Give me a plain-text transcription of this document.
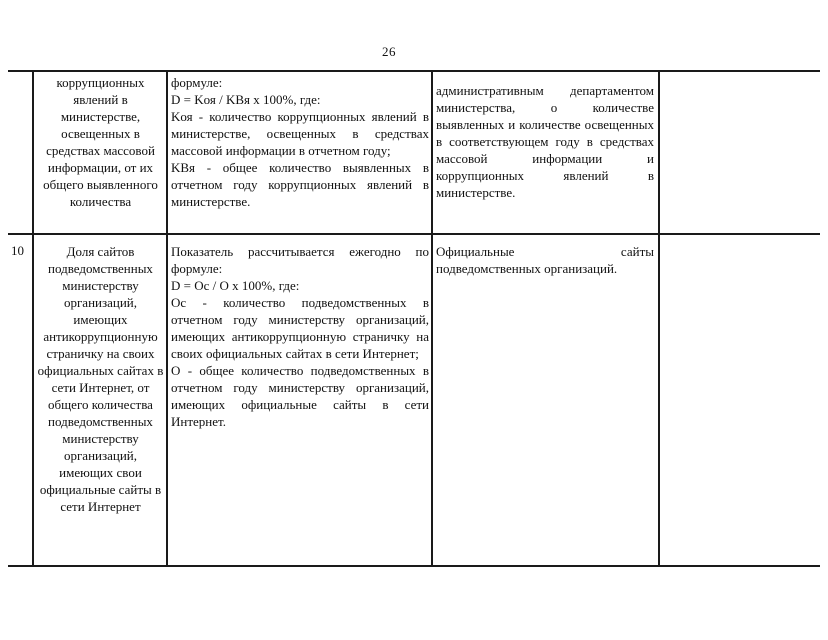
26
коррупционных явлений в министерстве, освещенных в средствах массовой информации, от их общего выявленного количества
формуле:
D = Kоя / KВя х 100%, где:
Kоя - количество коррупционных явлений в министерстве, освещенных в средствах массовой информации в отчетном году;
KВя - общее количество выявленных в отчетном году коррупционных явлений в министерстве.
административным департаментом министерства, о количестве выявленных и количестве освещенных в соответствующем году в средствах массовой информации и коррупционных явлений в министерстве.
10	Доля сайтов подведомственных министерству организаций, имеющих антикоррупционную страничку на своих официальных сайтах в сети Интернет, от общего количества подведомственных министерству организаций, имеющих свои официальные сайты в сети Интернет
Показатель рассчитывается ежегодно по формуле:
D = Oс / O х 100%, где:
Oс - количество подведомственных в отчетном году министерству организаций, имеющих антикоррупционную страничку на своих официальных сайтах в сети Интернет;
O - общее количество подведомственных в отчетном году министерству организаций, имеющих официальные сайты в сети Интернет.
Официальные сайты подведомственных организаций.
